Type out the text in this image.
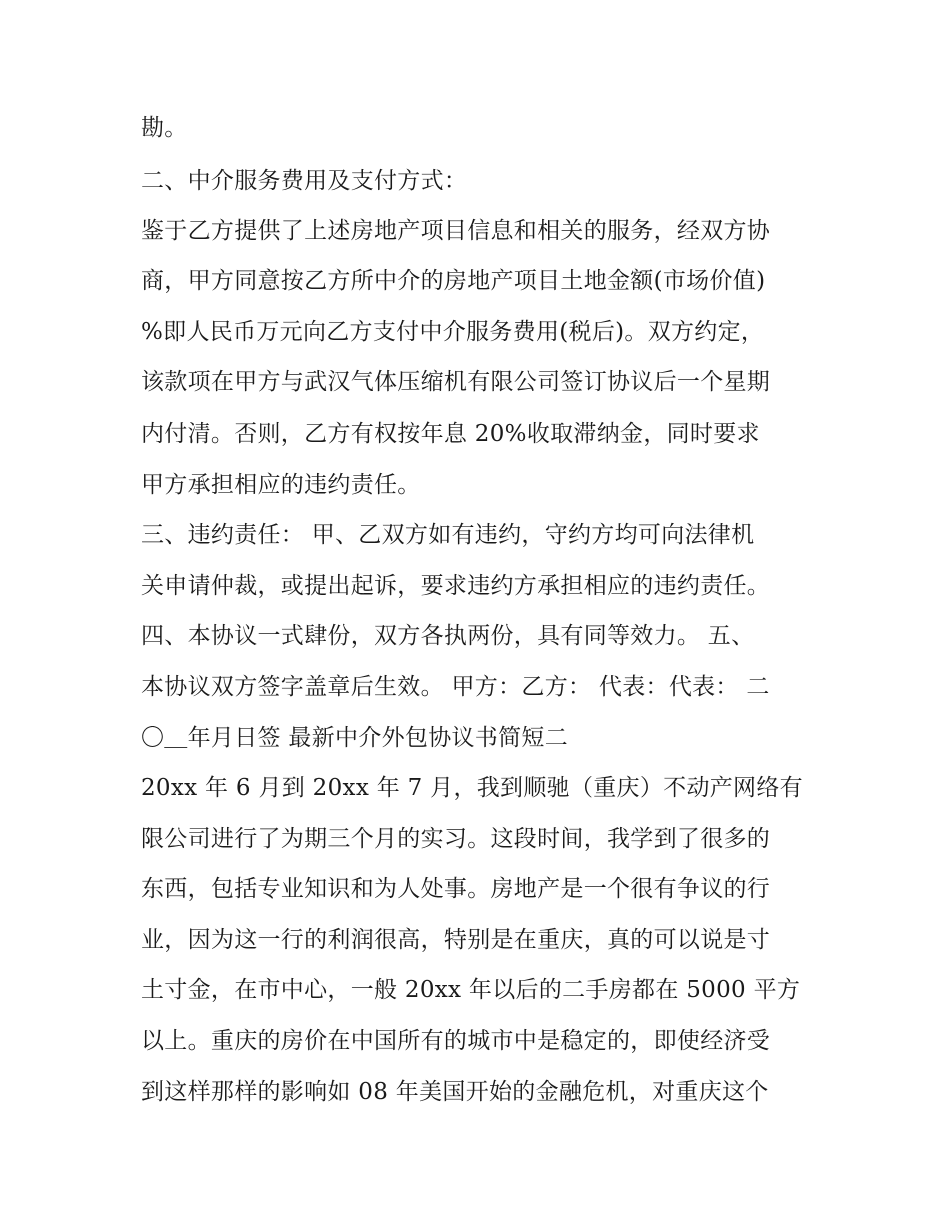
勘。
二、中介服务费用及支付方式：
鉴于乙方提供了上述房地产项目信息和相关的服务，经双方协
商，甲方同意按乙方所中介的房地产项目土地金额(市场价值)
%即人民币万元向乙方支付中介服务费用(税后)。双方约定，
该款项在甲方与武汉气体压缩机有限公司签订协议后一个星期
内付清。否则，乙方有权按年息 20%收取滞纳金，同时要求
甲方承担相应的违约责任。
三、违约责任： 甲、乙双方如有违约，守约方均可向法律机
关申请仲裁，或提出起诉，要求违约方承担相应的违约责任。
四、本协议一式肆份，双方各执两份，具有同等效力。 五、
本协议双方签字盖章后生效。 甲方：乙方： 代表：代表： 二
〇＿年月日签 最新中介外包协议书简短二
20xx 年 6 月到 20xx 年 7 月，我到顺驰（重庆）不动产网络有
限公司进行了为期三个月的实习。这段时间，我学到了很多的
东西，包括专业知识和为人处事。房地产是一个很有争议的行
业，因为这一行的利润很高，特别是在重庆，真的可以说是寸
土寸金，在市中心，一般 20xx 年以后的二手房都在 5000 平方
以上。重庆的房价在中国所有的城市中是稳定的，即使经济受
到这样那样的影响如 08 年美国开始的金融危机，对重庆这个
